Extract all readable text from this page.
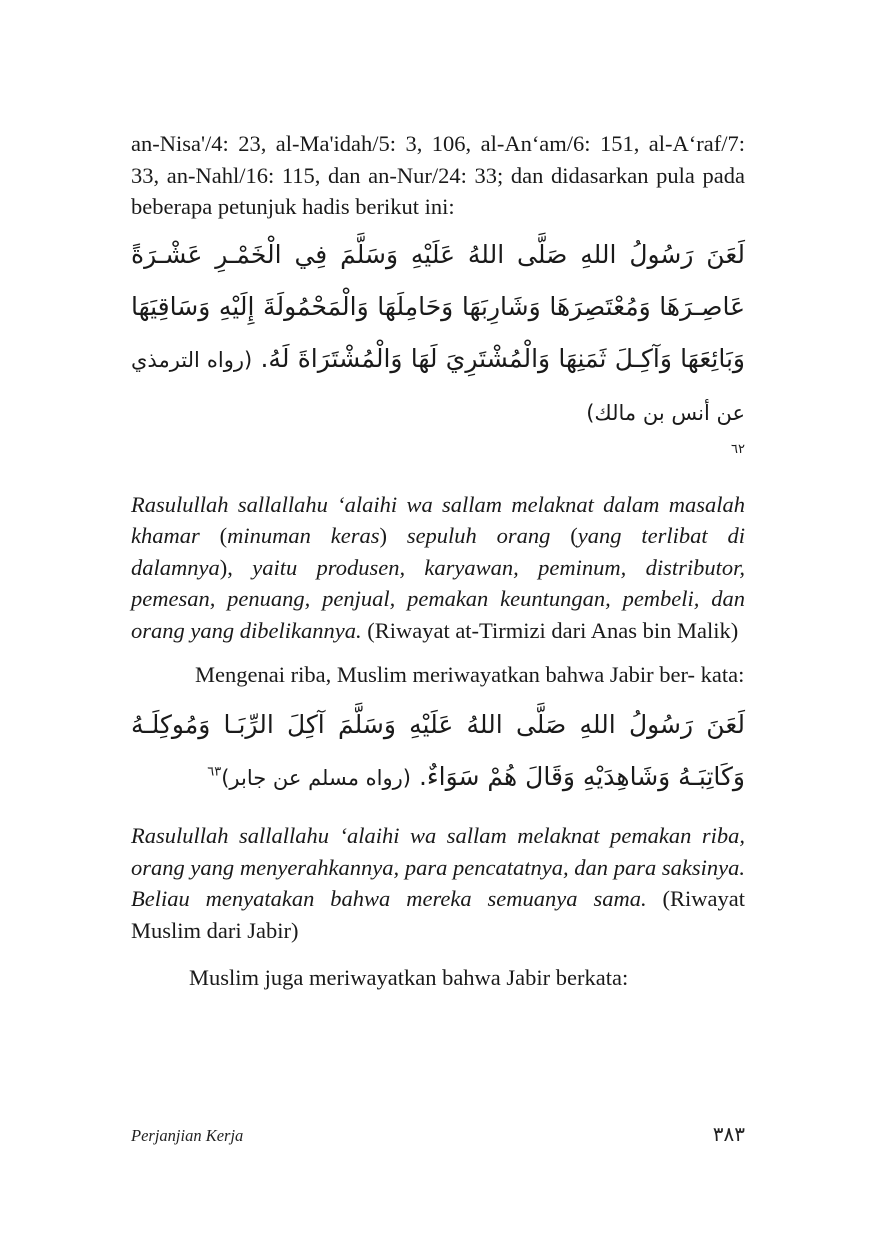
an-Nisa'/4: 23, al-Ma'idah/5: 3, 106, al-An‘am/6: 151, al-A‘raf/7: 33, an-Nahl/16: 115, dan an-Nur/24: 33; dan didasarkan pula pada beberapa petunjuk hadis berikut ini:

لَعَنَ رَسُولُ اللهِ صَلَّى اللهُ عَلَيْهِ وَسَلَّمَ فِي الْخَمْـرِ عَشْـرَةً عَاصِـرَهَا وَمُعْتَصِرَهَا وَشَارِبَهَا وَحَامِلَهَا وَالْمَحْمُولَةَ إِلَيْهِ وَسَاقِيَهَا وَبَائِعَهَا وَآكِـلَ ثَمَنِهَا وَالْمُشْتَرِيَ لَهَا وَالْمُشْتَرَاةَ لَهُ. (رواه الترمذي عن أنس بن مالك)

٦٢

Rasulullah sallallahu ‘alaihi wa sallam melaknat dalam masalah khamar (minuman keras) sepuluh orang (yang terlibat di dalamnya), yaitu produsen, karyawan, peminum, distributor, pemesan, penuang, penjual, pemakan keuntungan, pembeli, dan orang yang dibelikannya. (Riwayat at-Tirmizi dari Anas bin Malik)

Mengenai riba, Muslim meriwayatkan bahwa Jabir ber- kata:

لَعَنَ رَسُولُ اللهِ صَلَّى اللهُ عَلَيْهِ وَسَلَّمَ آكِلَ الرِّبَـا وَمُوكِلَـهُ وَكَاتِبَـهُ وَشَاهِدَيْهِ وَقَالَ هُمْ سَوَاءٌ. (رواه مسلم عن جابر)$^{٦٣}$

Rasulullah sallallahu ‘alaihi wa sallam melaknat pemakan riba, orang yang menyerahkannya, para pencatatnya, dan para saksinya. Beliau menyatakan bahwa mereka semuanya sama. (Riwayat Muslim dari Jabir)

Muslim juga meriwayatkan bahwa Jabir berkata:

Perjanjian Kerja	٣٨٣
